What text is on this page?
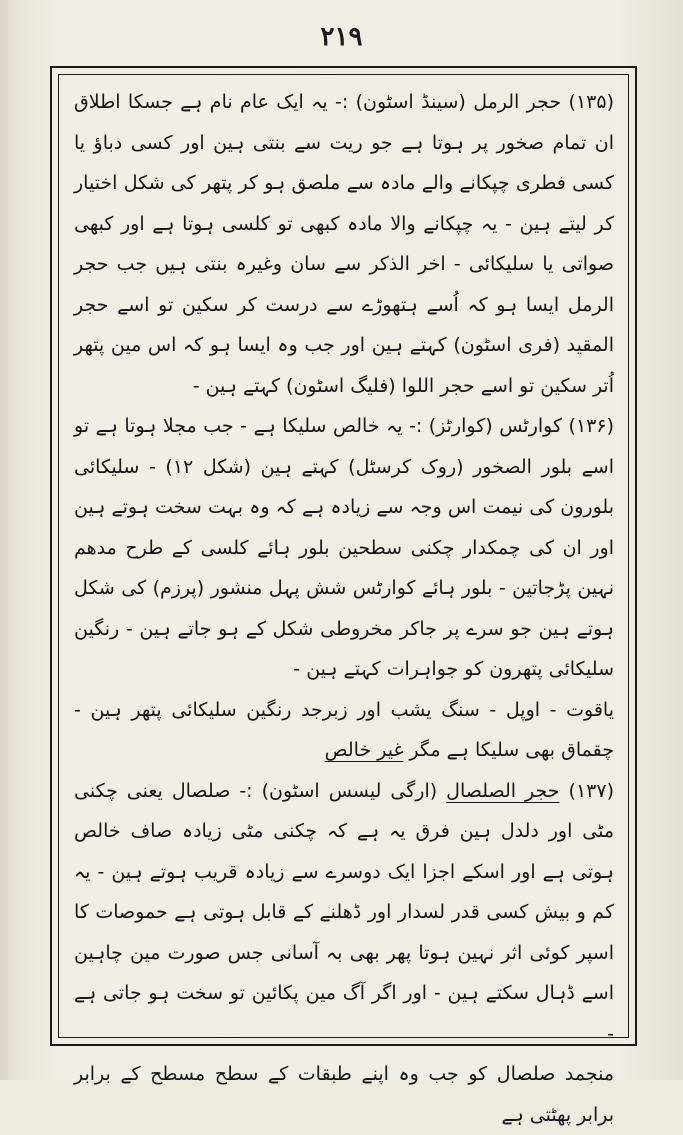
۲۱۹

(۱۳۵) حجر الرمل (سینڈ اسٹون) :- یہ ایک عام نام ہے جسکا اطلاق ان تمام صخور پر ہوتا ہے جو ریت سے بنتی ہین اور کسی دباؤ یا کسی فطری چپکانے والے مادہ سے ملصق ہو کر پتھر کی شکل اختیار کر لیتے ہین - یہ چپکانے والا مادہ کبھی تو کلسی ہوتا ہے اور کبھی صواتی یا سلیکائی - اخر الذکر سے سان وغیرہ بنتی ہیں جب حجر الرمل ایسا ہو کہ اُسے ہتھوڑے سے درست کر سکین تو اسے حجر المقید (فری اسٹون) کہتے ہین اور جب وہ ایسا ہو کہ اس مین پتھر اُتر سکین تو اسے حجر اللوا (فلیگ اسٹون) کہتے ہین -

(۱۳۶) کوارٹس (کوارٹز) :- یہ خالص سلیکا ہے - جب مجلا ہوتا ہے تو اسے بلور الصخور (روک کرسٹل) کہتے ہین (شکل ۱۲) - سلیکائی بلورون کی نیمت اس وجہ سے زیادہ ہے کہ وہ بہت سخت ہوتے ہین اور ان کی چمکدار چکنی سطحین بلور ہائے کلسی کے طرح مدھم نہین پڑجاتین - بلور ہائے کوارٹس شش پہل منشور (پرزم) کی شکل ہوتے ہین جو سرے پر جاکر مخروطی شکل کے ہو جاتے ہین - رنگین سلیکائی پتھرون کو جواہرات کہتے ہین -

یاقوت - اوپل - سنگ یشب اور زبرجد رنگین سلیکائی پتھر ہین - چقماق بھی سلیکا ہے مگر غیر خالص

(۱۳۷) حجر الصلصال (ارگی لیسس اسٹون) :- صلصال یعنی چکنی مٹی اور دلدل ہین فرق یہ ہے کہ چکنی مٹی زیادہ صاف خالص ہوتی ہے اور اسکے اجزا ایک دوسرے سے زیادہ قریب ہوتے ہین - یہ کم و بیش کسی قدر لسدار اور ڈھلنے کے قابل ہوتی ہے حموصات کا اسپر کوئی اثر نہین ہوتا پھر بھی بہ آسانی جس صورت مین چاہین اسے ڈہال سکتے ہین - اور اگر آگ مین پکائین تو سخت ہو جاتی ہے -

منجمد صلصال کو جب وہ اپنے طبقات کے سطح مسطح کے برابر برابر پھٹتی ہے
